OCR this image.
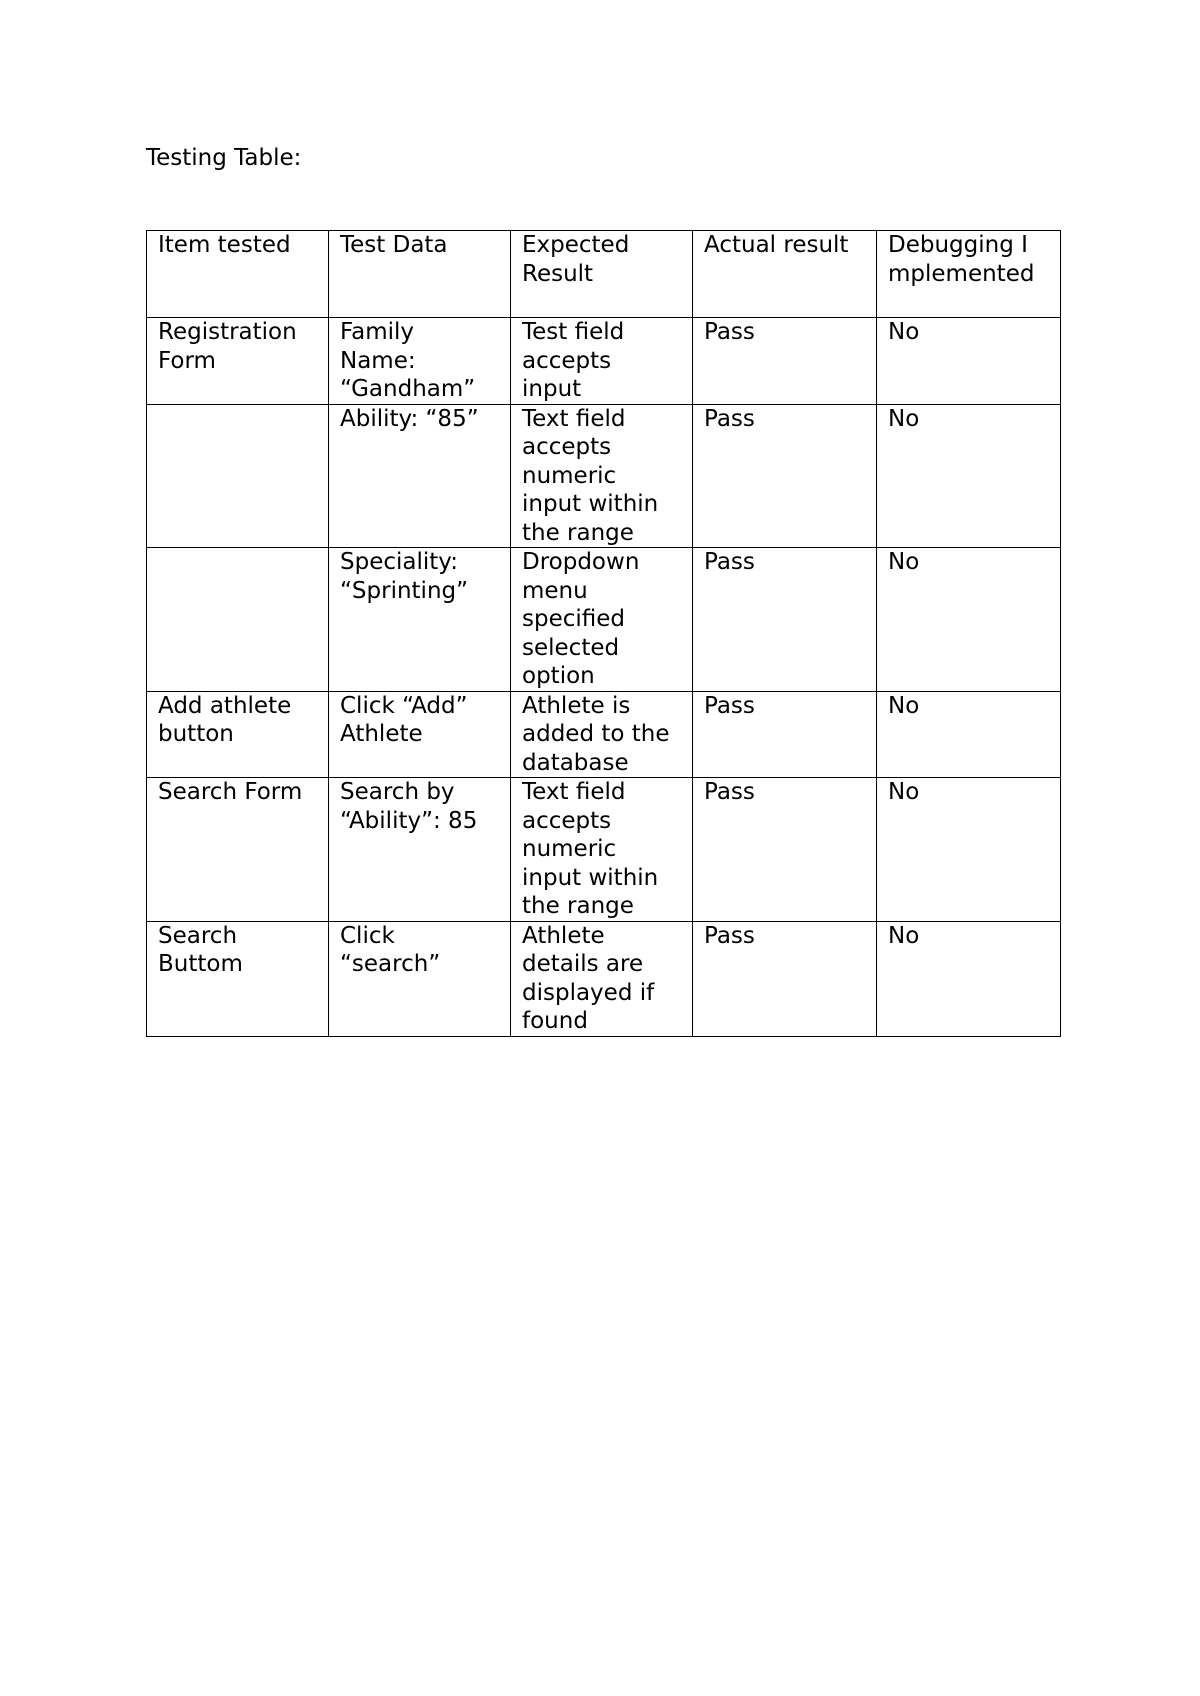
Testing Table:
Item tested	Test Data	Expected Result	Actual result	Debugging Implemented

Registration Form	Family Name: “Gandham”	Test field accepts input	Pass	No

	Ability: “85”	Text field accepts numeric input within the range	Pass	No

	Speciality: “Sprinting”	Dropdown menu specified selected option	Pass	No

Add athlete button	Click “Add” Athlete	Athlete is added to the database	Pass	No

Search Form	Search by “Ability”: 85	Text field accepts numeric input within the range	Pass	No

Search Buttom	Click “search”	Athlete details are displayed if found	Pass	No
